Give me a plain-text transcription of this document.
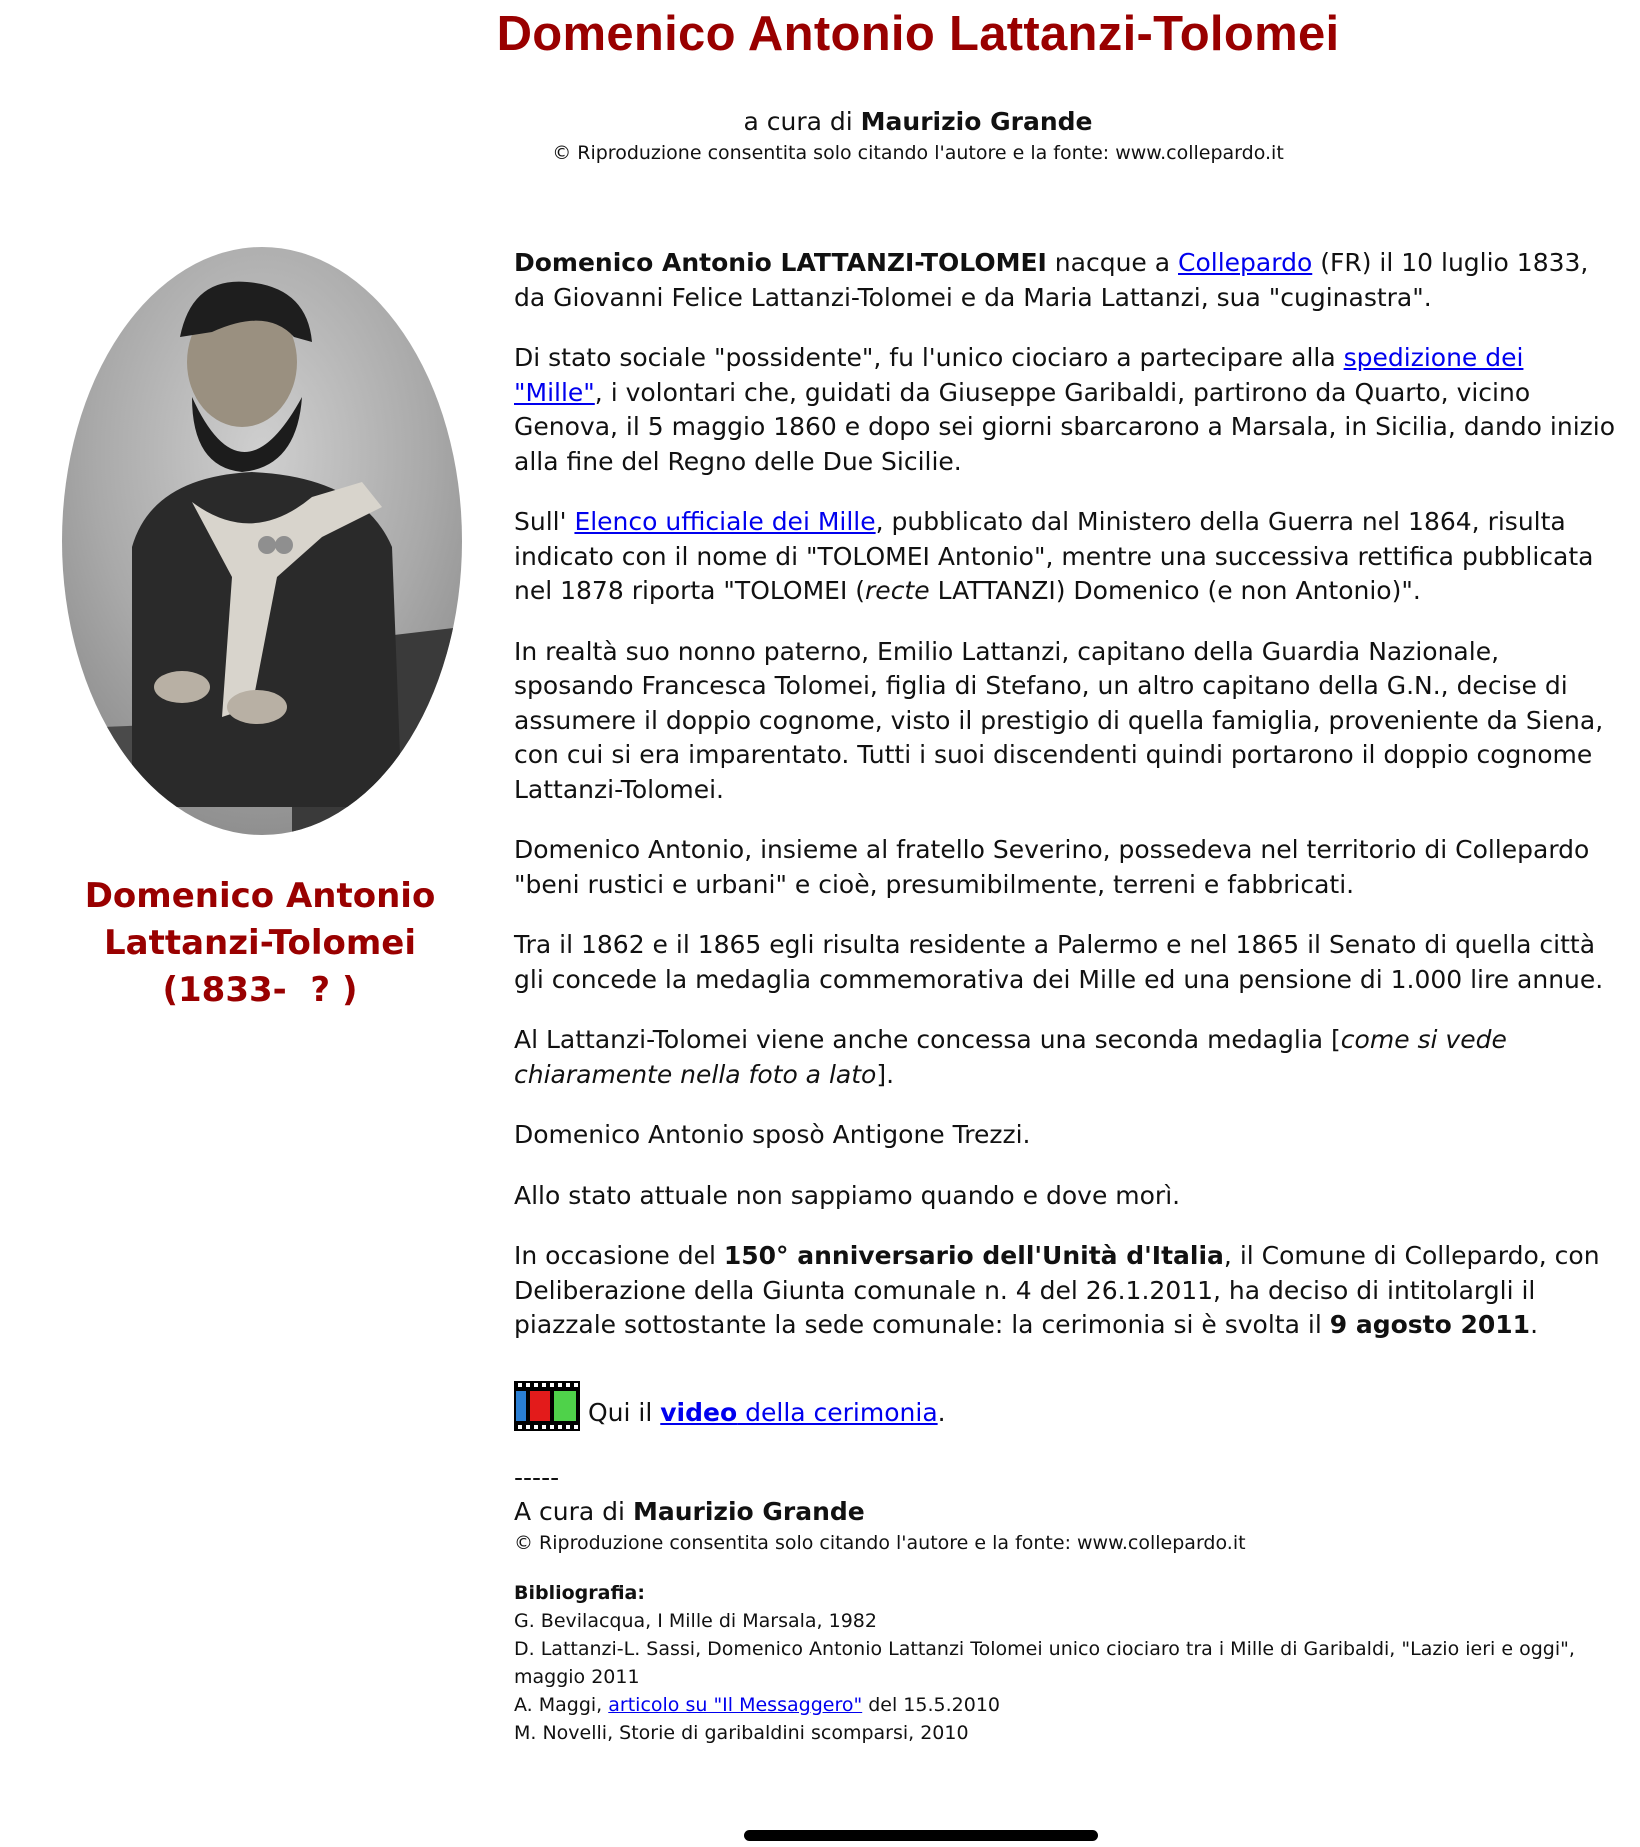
Domenico Antonio Lattanzi-Tolomei
a cura di Maurizio Grande
© Riproduzione consentita solo citando l'autore e la fonte: www.collepardo.it
Domenico Antonio
Lattanzi-Tolomei
(1833-  ? )

Domenico Antonio LATTANZI-TOLOMEI nacque a Collepardo (FR) il 10 luglio 1833, da Giovanni Felice Lattanzi-Tolomei e da Maria Lattanzi, sua "cuginastra".

Di stato sociale "possidente", fu l'unico ciociaro a partecipare alla spedizione dei "Mille", i volontari che, guidati da Giuseppe Garibaldi, partirono da Quarto, vicino Genova, il 5 maggio 1860 e dopo sei giorni sbarcarono a Marsala, in Sicilia, dando inizio alla fine del Regno delle Due Sicilie.

Sull' Elenco ufficiale dei Mille, pubblicato dal Ministero della Guerra nel 1864, risulta indicato con il nome di "TOLOMEI Antonio", mentre una successiva rettifica pubblicata nel 1878 riporta "TOLOMEI (recte LATTANZI) Domenico (e non Antonio)".

In realtà suo nonno paterno, Emilio Lattanzi, capitano della Guardia Nazionale, sposando Francesca Tolomei, figlia di Stefano, un altro capitano della G.N., decise di assumere il doppio cognome, visto il prestigio di quella famiglia, proveniente da Siena, con cui si era imparentato. Tutti i suoi discendenti quindi portarono il doppio cognome Lattanzi-Tolomei.

Domenico Antonio, insieme al fratello Severino, possedeva nel territorio di Collepardo "beni rustici e urbani" e cioè, presumibilmente, terreni e fabbricati.

Tra il 1862 e il 1865 egli risulta residente a Palermo e nel 1865 il Senato di quella città gli concede la medaglia commemorativa dei Mille ed una pensione di 1.000 lire annue.

Al Lattanzi-Tolomei viene anche concessa una seconda medaglia [come si vede chiaramente nella foto a lato].

Domenico Antonio sposò Antigone Trezzi.

Allo stato attuale non sappiamo quando e dove morì.

In occasione del 150° anniversario dell'Unità d'Italia, il Comune di Collepardo, con Deliberazione della Giunta comunale n. 4 del 26.1.2011, ha deciso di intitolargli il piazzale sottostante la sede comunale: la cerimonia si è svolta il 9 agosto 2011.

Qui il video della cerimonia.
-----
A cura di Maurizio Grande
© Riproduzione consentita solo citando l'autore e la fonte: www.collepardo.it
Bibliografia:
G. Bevilacqua, I Mille di Marsala, 1982
D. Lattanzi-L. Sassi, Domenico Antonio Lattanzi Tolomei unico ciociaro tra i Mille di Garibaldi, "Lazio ieri e oggi", maggio 2011
A. Maggi, articolo su "Il Messaggero" del 15.5.2010
M. Novelli, Storie di garibaldini scomparsi, 2010
